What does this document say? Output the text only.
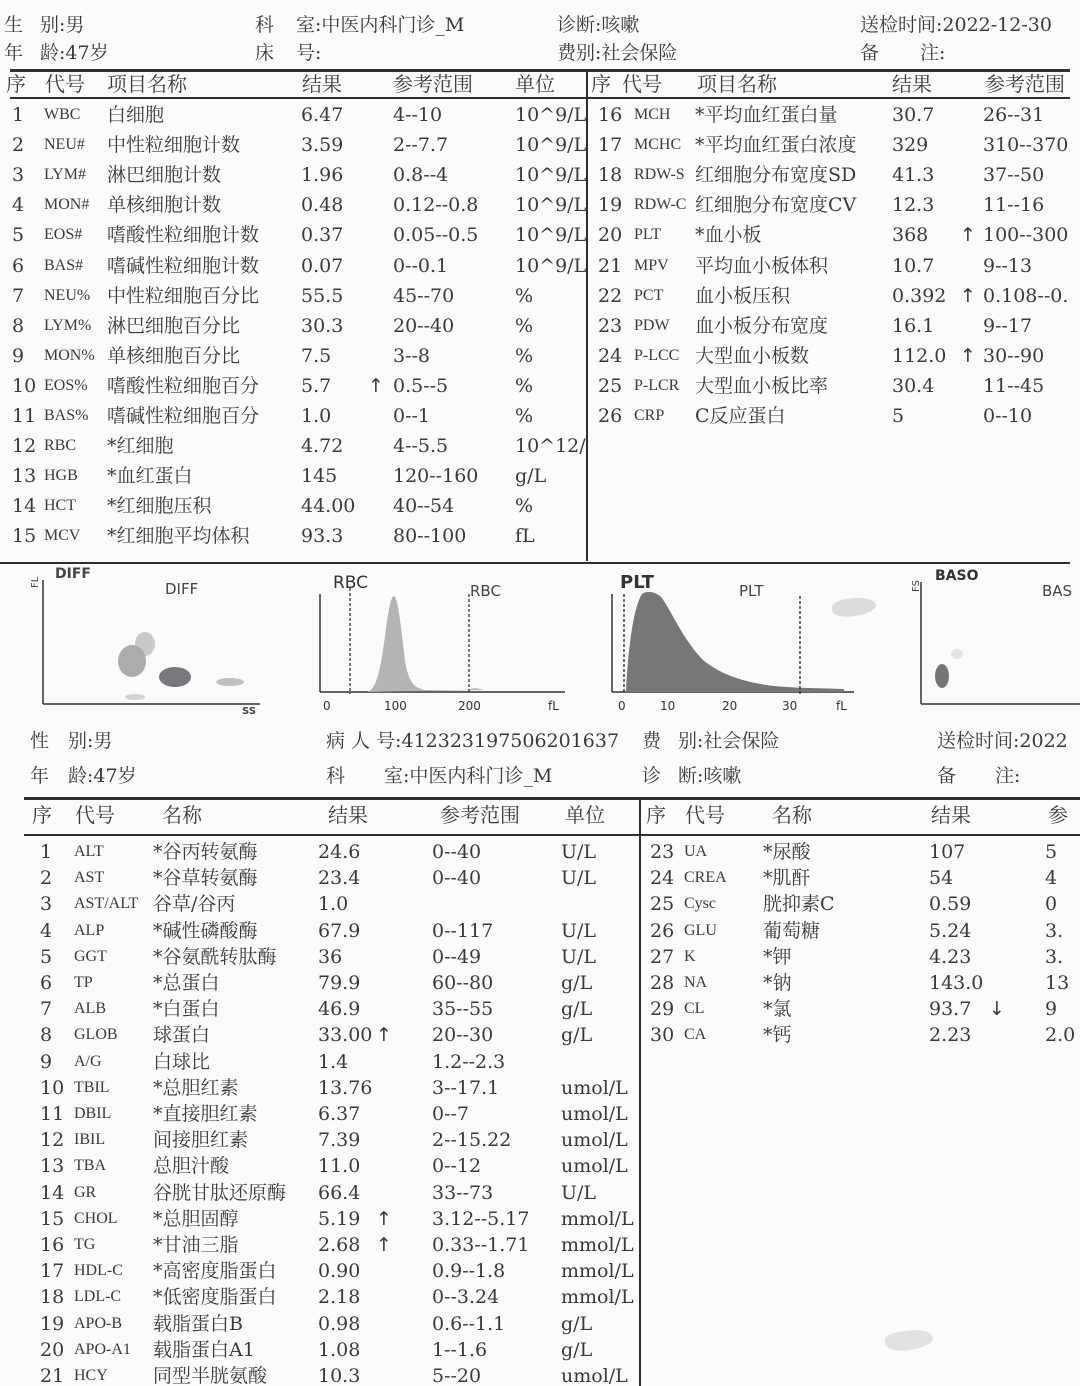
生 别:男
年 龄:47岁
科 室:中医内科门诊_M
床 号:
诊断:咳嗽
费别:社会保险
送检时间:2022-12-30
备 注:
序 代号 项目名称	结果	参考范围 单位 序 代号 项目名称	结果	参考范围
1 WBC 白细胞	6.47	4--10	10^9/L
2 NEU# 中性粒细胞计数	3.59	2--7.7	10^9/L
3 LYM# 淋巴细胞计数	1.96	0.8--4	10^9/L
4 MON# 单核细胞计数	0.48	0.12--0.8 10^9/L
5 EOS# 嗜酸性粒细胞计数 0.37	0.05--0.5 10^9/L
6 BAS# 嗜碱性粒细胞计数 0.07	0--0.1	10^9/L
7 NEU% 中性粒细胞百分比 55.5	45--70	%
8 LYM% 淋巴细胞百分比	30.3	20--40	%
9 MON% 单核细胞百分比	7.5	3--8	%
10 EOS% 嗜酸性粒细胞百分 5.7 ↑ 0.5--5	%
11 BAS% 嗜碱性粒细胞百分 1.0	0--1	%
12 RBC *红细胞	4.72	4--5.5	10^12/
13 HGB *血红蛋白	145	120--160 g/L
14 HCT *红细胞压积	44.00 40--54	%
15 MCV *红细胞平均体积	93.3	80--100	fL
16 MCH *平均血红蛋白量	30.7	26--31
17 MCHC *平均血红蛋白浓度 329	310--370
18 RDW-S 红细胞分布宽度SD 41.3	37--50
19 RDW-C 红细胞分布宽度CV 12.3	11--16
20 PLT *血小板	368 ↑ 100--300
21 MPV 平均血小板体积	10.7	9--13
22 PCT 血小板压积	0.392 ↑ 0.108--0.
23 PDW 血小板分布宽度	16.1	9--17
24 P-LCC 大型血小板数	112.0 ↑ 30--90
25 P-LCR 大型血小板比率	30.4	11--45
26 CRP C反应蛋白	5	0--10
DIFF
DIFF
FL
SS
RBC	RBC
0	100	200	fL
PLT	PLT
0	10	20	30	fL
BASO
BAS
FS
性 别:男
年 龄:47岁
病 人 号:412323197506201637
科 室:中医内科门诊_M
费 别:社会保险
诊 断:咳嗽
送检时间:2022
备 注:
序 代号 名称	结果	参考范围 单位 序 代号 名称	结果	参
1 ALT	*谷丙转氨酶	24.6	0--40	U/L
2 AST	*谷草转氨酶	23.4	0--40	U/L
3 AST/ALT 谷草/谷丙	1.0
4 ALP	*碱性磷酸酶	67.9	0--117	U/L
5 GGT *谷氨酰转肽酶 36	0--49	U/L
6 TP	*总蛋白	79.9	60--80	g/L
7 ALB *白蛋白	46.9	35--55	g/L
8 GLOB 球蛋白	33.00 ↑ 20--30	g/L
9 A/G	白球比	1.4	1.2--2.3
10 TBIL *总胆红素	13.76	3--17.1	umol/L
11 DBIL *直接胆红素	6.37	0--7	umol/L
12 IBIL	间接胆红素	7.39	2--15.22	umol/L
13 TBA 总胆汁酸	11.0	0--12	umol/L
14 GR	谷胱甘肽还原酶 66.4	33--73	U/L
15 CHOL *总胆固醇	5.19 ↑ 3.12--5.17 mmol/L
16 TG	*甘油三脂	2.68 ↑ 0.33--1.71 mmol/L
17 HDL-C *高密度脂蛋白 0.90	0.9--1.8	mmol/L
18 LDL-C *低密度脂蛋白 2.18	0--3.24	mmol/L
19 APO-B 载脂蛋白B	0.98	0.6--1.1	g/L
20 APO-A1 载脂蛋白A1	1.08	1--1.6	g/L
21 HCY 同型半胱氨酸	10.3	5--20	umol/L
23 UA	*尿酸	107	5
24 CREA *肌酐	54	4
25 Cysc 胱抑素C	0.59	0
26 GLU 葡萄糖	5.24	3.
27 K	*钾	4.23	3.
28 NA	*钠	143.0	13
29 CL	*氯	93.7 ↓ 9
30 CA	*钙	2.23	2.0
